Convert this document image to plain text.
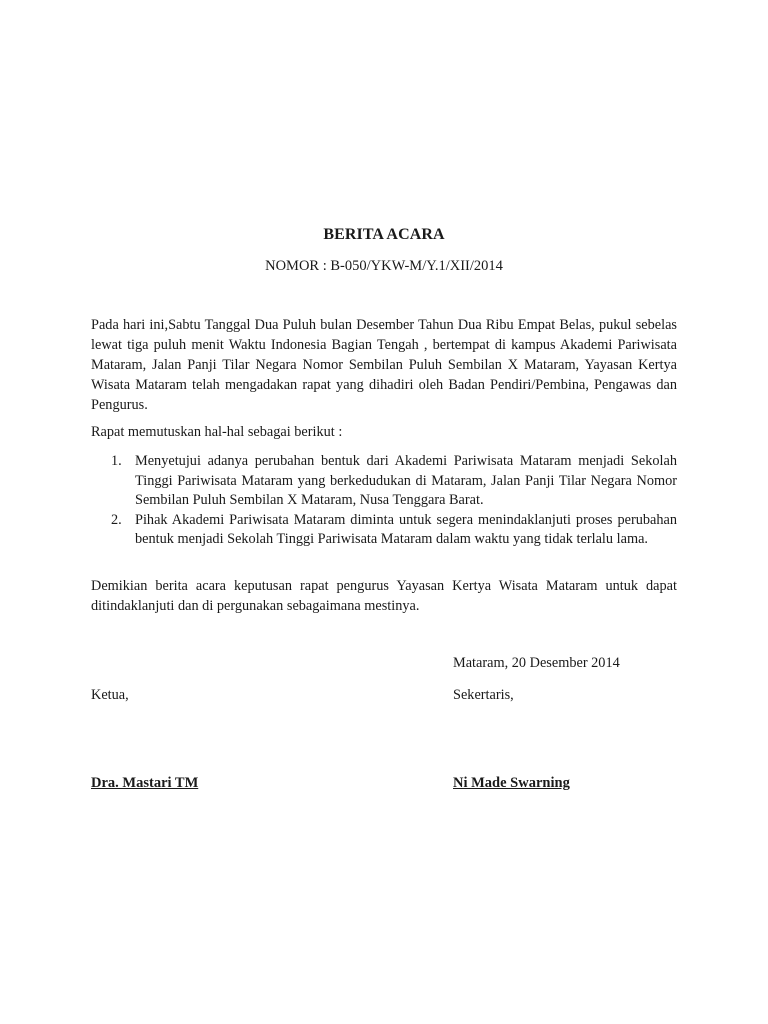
BERITA ACARA
NOMOR : B-050/YKW-M/Y.1/XII/2014
Pada hari ini,Sabtu Tanggal Dua Puluh bulan Desember Tahun Dua Ribu Empat Belas, pukul sebelas lewat tiga puluh menit Waktu Indonesia Bagian Tengah , bertempat di kampus Akademi Pariwisata Mataram, Jalan Panji Tilar Negara Nomor Sembilan Puluh Sembilan X Mataram, Yayasan Kertya Wisata Mataram telah mengadakan rapat yang dihadiri oleh Badan Pendiri/Pembina, Pengawas dan Pengurus.
Rapat memutuskan hal-hal sebagai berikut :
1. Menyetujui adanya perubahan bentuk dari Akademi Pariwisata Mataram menjadi Sekolah Tinggi Pariwisata Mataram yang berkedudukan di Mataram, Jalan Panji Tilar Negara Nomor Sembilan Puluh Sembilan X Mataram, Nusa Tenggara Barat.
2. Pihak Akademi Pariwisata Mataram diminta untuk segera menindaklanjuti proses perubahan bentuk menjadi Sekolah Tinggi Pariwisata Mataram dalam waktu yang tidak terlalu lama.
Demikian berita acara keputusan rapat pengurus Yayasan Kertya Wisata Mataram untuk dapat ditindaklanjuti dan di pergunakan sebagaimana mestinya.
Mataram, 20 Desember 2014
Ketua,	Sekertaris,
Dra. Mastari TM	Ni Made Swarning
